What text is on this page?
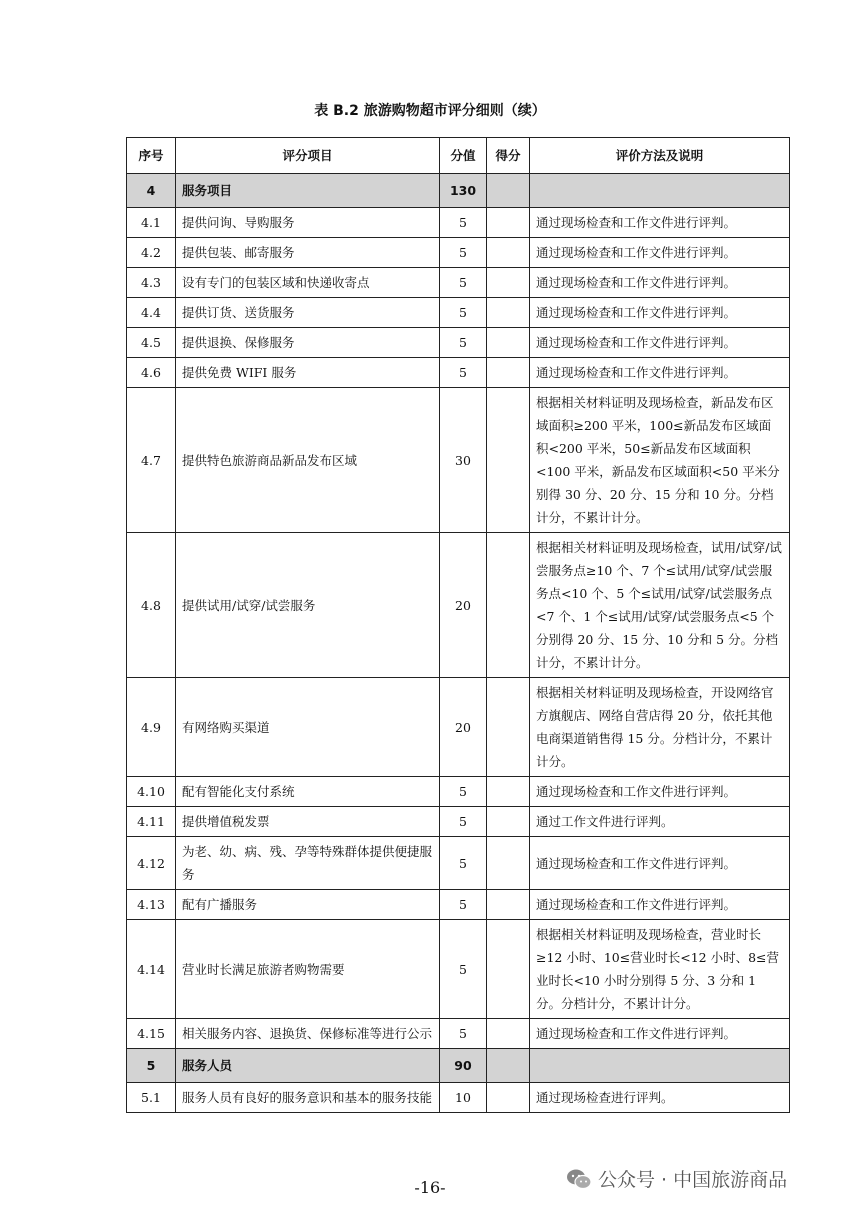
表 B.2 旅游购物超市评分细则（续）
序号	评分项目	分值	得分	评价方法及说明
4	服务项目	130		
4.1	提供问询、导购服务	5		通过现场检查和工作文件进行评判。
4.2	提供包装、邮寄服务	5		通过现场检查和工作文件进行评判。
4.3	设有专门的包装区域和快递收寄点	5		通过现场检查和工作文件进行评判。
4.4	提供订货、送货服务	5		通过现场检查和工作文件进行评判。
4.5	提供退换、保修服务	5		通过现场检查和工作文件进行评判。
4.6	提供免费 WIFI 服务	5		通过现场检查和工作文件进行评判。
4.7	提供特色旅游商品新品发布区域	30		根据相关材料证明及现场检查，新品发布区域面积≥200 平米，100≤新品发布区域面积<200 平米，50≤新品发布区域面积<100 平米，新品发布区域面积<50 平米分别得 30 分、20 分、15 分和 10 分。分档计分，不累计计分。
4.8	提供试用/试穿/试尝服务	20		根据相关材料证明及现场检查，试用/试穿/试尝服务点≥10 个、7 个≤试用/试穿/试尝服务点<10 个、5 个≤试用/试穿/试尝服务点<7 个、1 个≤试用/试穿/试尝服务点<5 个分别得 20 分、15 分、10 分和 5 分。分档计分，不累计计分。
4.9	有网络购买渠道	20		根据相关材料证明及现场检查，开设网络官方旗舰店、网络自营店得 20 分，依托其他电商渠道销售得 15 分。分档计分，不累计计分。
4.10	配有智能化支付系统	5		通过现场检查和工作文件进行评判。
4.11	提供增值税发票	5		通过工作文件进行评判。
4.12	为老、幼、病、残、孕等特殊群体提供便捷服务	5		通过现场检查和工作文件进行评判。
4.13	配有广播服务	5		通过现场检查和工作文件进行评判。
4.14	营业时长满足旅游者购物需要	5		根据相关材料证明及现场检查，营业时长≥12 小时、10≤营业时长<12 小时、8≤营业时长<10 小时分别得 5 分、3 分和 1 分。分档计分，不累计计分。
4.15	相关服务内容、退换货、保修标准等进行公示	5		通过现场检查和工作文件进行评判。
5	服务人员	90		
5.1	服务人员有良好的服务意识和基本的服务技能	10		通过现场检查进行评判。
-16-	公众号 · 中国旅游商品
